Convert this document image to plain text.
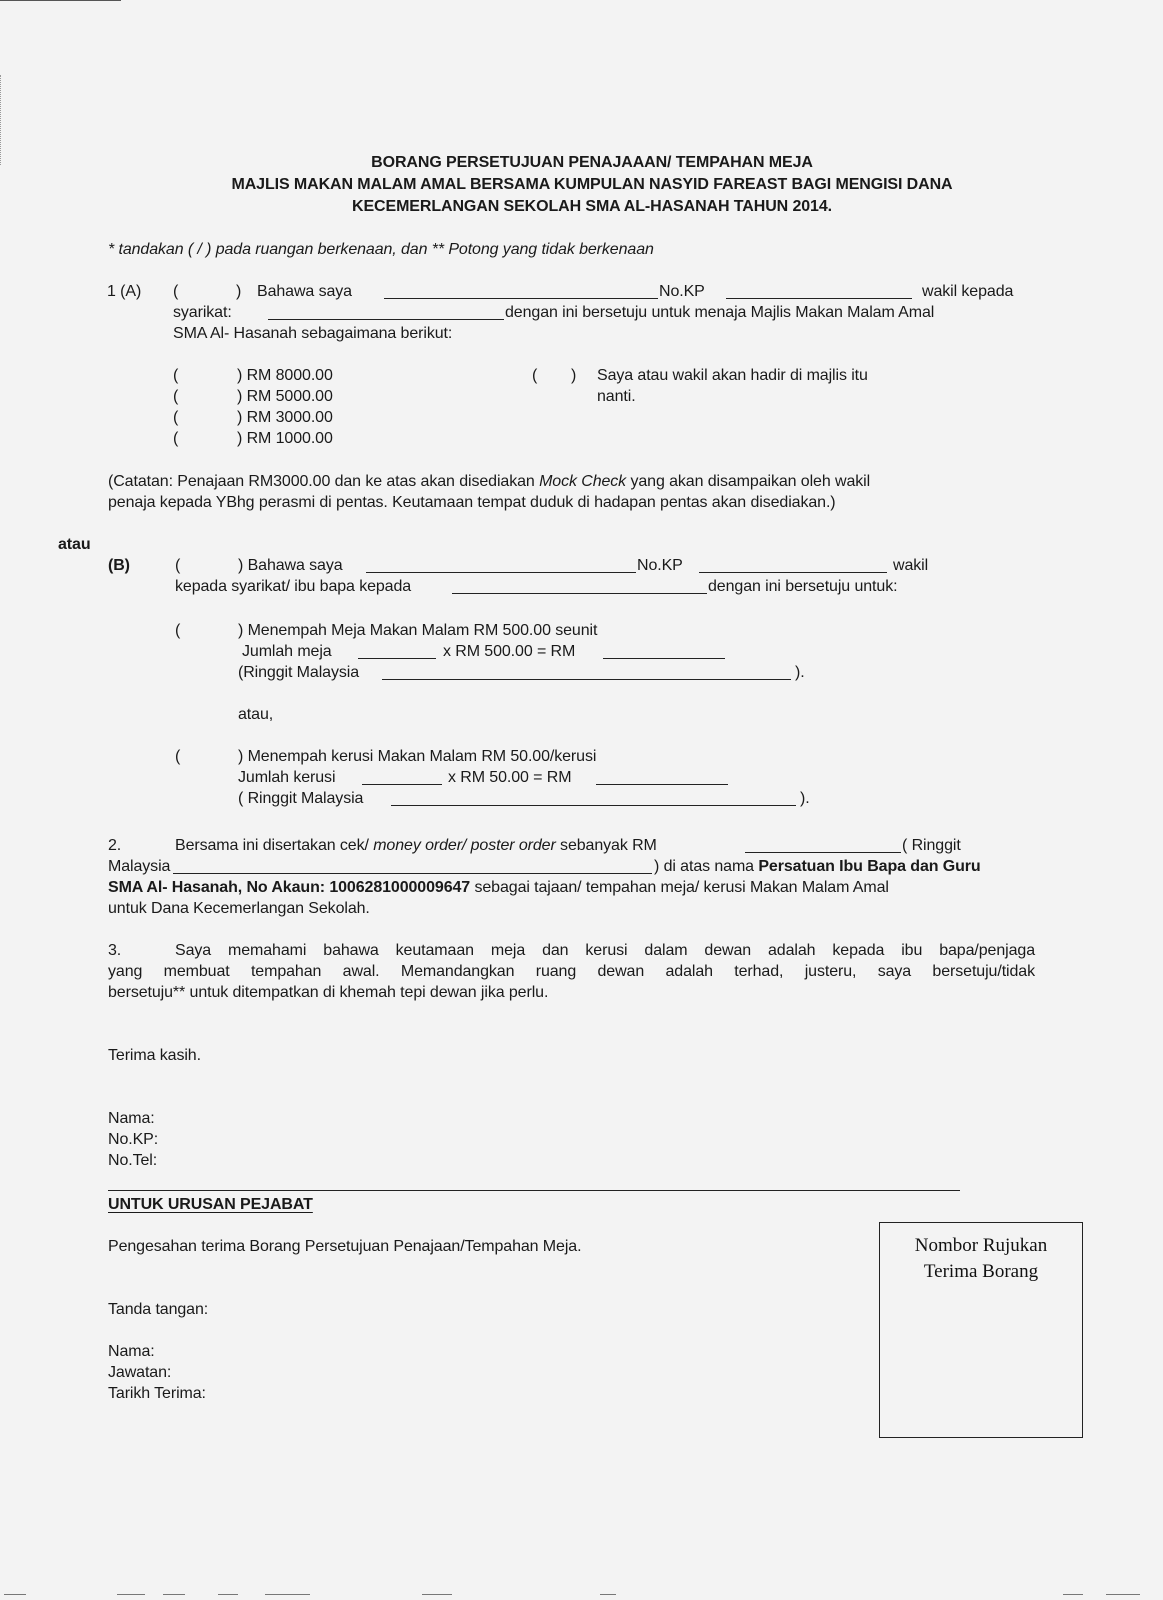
BORANG PERSETUJUAN PENAJAAAN/ TEMPAHAN MEJA
MAJLIS MAKAN MALAM AMAL BERSAMA KUMPULAN NASYID FAREAST BAGI MENGISI DANA
KECEMERLANGAN SEKOLAH SMA AL-HASANAH TAHUN 2014.
* tandakan ( / ) pada ruangan berkenaan, dan ** Potong yang tidak berkenaan
1 (A) (	) Bahawa saya	No.KP	wakil kepada
syarikat:	dengan ini bersetuju untuk menaja Majlis Makan Malam Amal
SMA Al- Hasanah sebagaimana berikut:
(	) RM 8000.00
(	) RM 5000.00
(	) RM 3000.00
(	) RM 1000.00
( ) Saya atau wakil akan hadir di majlis itu
nanti.
(Catatan: Penajaan RM3000.00 dan ke atas akan disediakan Mock Check yang akan disampaikan oleh wakil
penaja kepada YBhg perasmi di pentas. Keutamaan tempat duduk di hadapan pentas akan disediakan.)
atau
(B)	(	) Bahawa saya	No.KP	wakil
kepada syarikat/ ibu bapa kepada	dengan ini bersetuju untuk:
(	) Menempah Meja Makan Malam RM 500.00 seunit
Jumlah meja	x RM 500.00 = RM
(Ringgit Malaysia	).
atau,
(	) Menempah kerusi Makan Malam RM 50.00/kerusi
Jumlah kerusi	x RM 50.00 = RM
( Ringgit Malaysia	).
2.	Bersama ini disertakan cek/ money order/ poster order sebanyak RM	( Ringgit
Malaysia	) di atas nama Persatuan Ibu Bapa dan Guru
SMA Al- Hasanah, No Akaun: 1006281000009647 sebagai tajaan/ tempahan meja/ kerusi Makan Malam Amal
untuk Dana Kecemerlangan Sekolah.
3.	Saya memahami bahawa keutamaan meja dan kerusi dalam dewan adalah kepada ibu bapa/penjaga
yang membuat tempahan awal. Memandangkan ruang dewan adalah terhad, justeru, saya bersetuju/tidak
bersetuju** untuk ditempatkan di khemah tepi dewan jika perlu.
Terima kasih.
Nama:
No.KP:
No.Tel:
UNTUK URUSAN PEJABAT
Pengesahan terima Borang Persetujuan Penajaan/Tempahan Meja.
Tanda tangan:
Nama:
Jawatan:
Tarikh Terima:
Nombor Rujukan
Terima Borang
